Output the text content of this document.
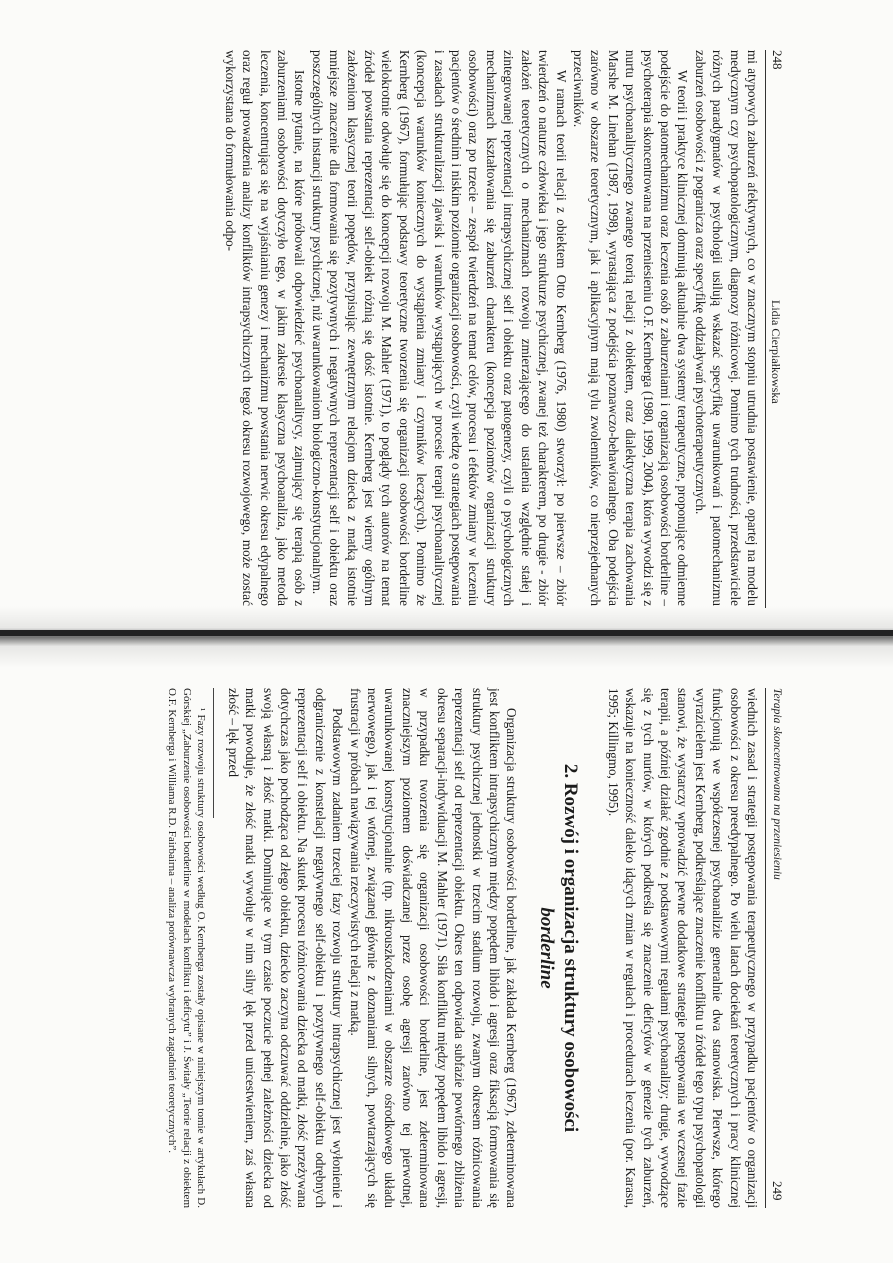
248
Lidia Cierpiałkowska

mi atypowych zaburzeń afektywnych, co w znacznym stopniu utrudnia postawienie, opartej na modelu medycznym czy psychopatologicznym, diagnozy różnicowej. Pomimo tych trudności, przedstawiciele różnych paradygmatów w psychologii usilują wskazać specyfikę uwarunkowań i patomechanizmu zaburzeń osobowości z pogranicza oraz specyfikę oddziaływań psychoterapeutycznych.

W teorii i praktyce klinicznej dominują aktualnie dwa systemy terapeutyczne, proponujące odmienne podejście do patomechanizmu oraz leczenia osób z zaburzeniami i organizacją osobowości borderline – psychoterapia skoncentrowana na przeniesieniu O.F. Kernberga (1980, 1999, 2004), która wywodzi się z nurtu psychoanalitycznego zwanego teorią relacji z obiektem, oraz dialektyczna terapia zachowania Marshe M. Linehan (1987, 1998), wyrastająca z podejścia poznawczo-behawioralnego. Oba podejścia zarówno w obszarze teoretycznym, jak i aplikacyjnym mają tylu zwolenników, co nieprzejednanych przeciwników.

W ramach teorii relacji z obiektem Otto Kernberg (1976, 1980) stworzył: po pierwsze – zbiór twierdzeń o naturze człowieka i jego strukturze psychicznej, zwanej też charakterem, po drugie - zbiór założeń teoretycznych o mechanizmach rozwoju zmierzającego do ustalenia względnie stałej i zintegrowanej reprezentacji intrapsychicznej self i obiektu oraz patogenezy, czyli o psychologicznych mechanizmach kształtowania się zaburzeń charakteru (koncepcja poziomów organizacji struktury osobowości) oraz po trzecie – zespół twierdzeń na temat celów, procesu i efektów zmiany w leczeniu pacjentów o średnim i niskim poziomie organizacji osobowości, czyli wiedzę o strategiach postępowania i zasadach strukturalizacji zjawisk i warunków wystąpujących w procesie terapii psychoanalitycznej (koncepcja warunków koniecznych do wystąpienia zmiany i czynników leczących). Pomimo że Kernberg (1967), formułując podstawy teoretyczne tworzenia się organizacji osobowości borderline wielokrotnie odwołuje się do koncepcji rozwoju M. Mahler (1971), to poglądy tych autorów na temat źródeł powstania reprezentacji self-obiekt różnią się dość istotnie. Kernberg jest wierny ogólnym założeniom klasycznej teorii popędów, przypisując zewnętrznym relacjom dziecka z matką istotnie mniejsze znaczenie dla formowania się pozytywnych i negatywnych reprezentacji self i obiektu oraz poszczególnych instancji struktury psychicznej, niż uwarunkowaniom biologiczno-konstytucjonalnym.

Istotne pytanie, na które próbowali odpowiedzieć psychoanalitycy, zajmujący się terapią osób z zaburzeniami osobowości dotyczyło tego, w jakim zakresie klasyczna psychoanaliza, jako metoda leczenia, koncentrująca się na wyjaśnianiu genezy i mechanizmu powstania nerwic okresu edypalnego oraz reguł prowadzenia analizy konfliktów intrapsychicznych tegoż okresu rozwojowego, może zostać wykorzystana do formułowania odpo-

Terapia skoncentrowana na przeniesieniu
249

wiednich zasad i strategii postępowania terapeutycznego w przypadku pacjentów o organizacji osobowości z okresu preedypalnego. Po wielu latach dociekań teoretycznych i pracy klinicznej funkcjonują we współczesnej psychoanalizie generalnie dwa stanowiska. Pierwsze, którego wyrazicielem jest Kernberg, podkreślające znaczenie konfliktu u źródeł tego typu psychopatologii stanowi, że wystarczy wprowadzić pewne dodatkowe strategie postępowania we wczesnej fazie terapii, a później działać zgodnie z podstawowymi regułami psychoanalizy; drugie, wywodzące się z tych nurtów, w których podkreśla się znaczenie deficytów w genezie tych zaburzeń, wskazuje na konieczność daleko idących zmian w regułach i procedurach leczenia (por. Karasu, 1995; Killingmo, 1995).

2. Rozwój i organizacja struktury osobowości
borderline

Organizacja struktury osobowości borderline, jak zakłada Kernberg (1967), zdeterminowana jest konfliktem intrapsychicznym między popędem libido i agresji oraz fiksacją formowania się struktury psychicznej jednostki w trzecim stadium rozwoju, zwanym okresem różnicowania reprezentacji self od reprezentacji obiektu. Okres ten odpowiada subfazie powtórnego zbliżenia okresu separacji-indywiduacji M. Mahler (1971). Siła konfliktu między popędem libido i agresji, w przypadku tworzenia się organizacji osobowości borderline, jest zdeterminowana znaczniejszym poziomem doświadczanej przez osobę agresji zarówno tej pierwotnej, uwarunkowanej konstytucjonalnie (np. nikrouszkodzeniami w obszarze ośrodkowego układu nerwowego), jak i tej wtórnej, związanej głównie z doznaniami silnych, powtarzających się frustracji w próbach nawiązywania rzeczywistych relacji z matką.

Podstawowym zadaniem trzeciej fazy rozwoju struktury intrapsychicznej jest wyłonienie i odgraniczenie z konstelacji negatywnego self-obiektu i pozytywnego self-obiektu odrębnych reprezentacji self i obiektu. Na skutek procesu różnicowania dziecka od matki, złość przeżywana dotychczas jako pochodząca od złego obiektu, dziecko zaczyna odczuwać oddzielnie, jako złość swoją własną i złość matki. Dominujące w tym czasie poczucie pełnej zależności dziecka od matki powoduje, że złość matki wywołuje w nim silny lęk przed unicestwieniem, zaś własna złość – lęk przed

¹ Fazy rozwoju struktury osobowości według O. Kernberga zostały opisane w niniejszym tomie w artykułach D. Górskiej „Zaburzenie osobowości borderline w modelach konfliktu i deficytu” i J. Świtały „Teorie relacji z obiektem O.F. Kernberga i Williama R.D. Fairbairna – analiza porównawcza wybranych zagadnień teoretycznych”.
